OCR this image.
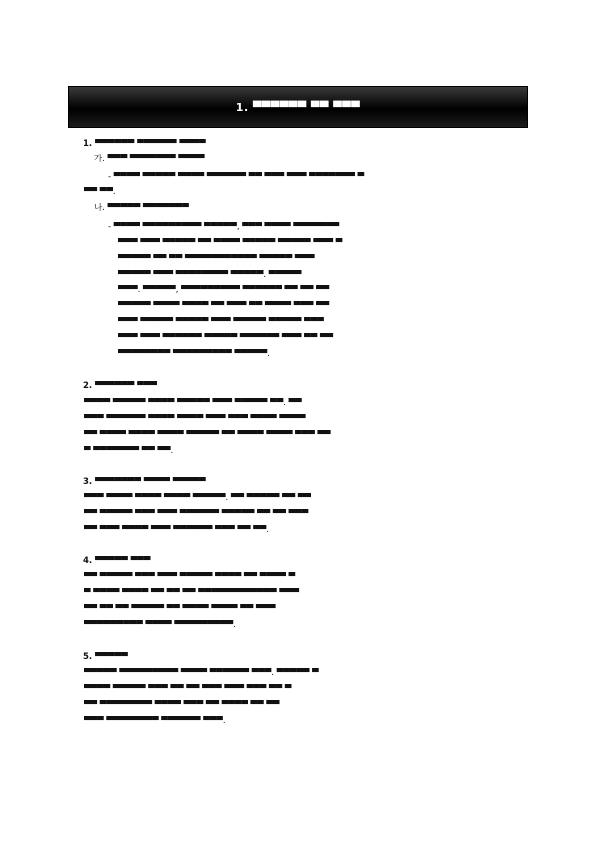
1. ▀▀▀▀▀▀ ▀▀ ▀▀▀
1. ▀▀▀▀▀▀ ▀▀▀▀▀▀ ▀▀▀▀
가. ▀▀▀ ▀▀▀▀▀▀▀ ▀▀▀▀
- ▀▀▀▀ ▀▀▀▀▀ ▀▀▀▀ ▀▀▀▀▀▀ ▀▀ ▀▀▀ ▀▀▀ ▀▀▀▀▀▀▀ ▀
▀▀ ▀▀.
나. ▀▀▀▀▀ ▀▀▀▀▀▀▀
- ▀▀▀▀ ▀▀▀▀▀▀▀▀▀ ▀▀▀▀▀, ▀▀▀ ▀▀▀▀ ▀▀▀▀▀▀▀
▀▀▀ ▀▀▀ ▀▀▀▀▀ ▀▀ ▀▀▀▀ ▀▀▀▀▀ ▀▀▀▀▀ ▀▀▀ ▀
▀▀▀▀▀ ▀▀ ▀▀ ▀▀▀▀▀▀▀▀▀▀▀ ▀▀▀▀▀ ▀▀▀
▀▀▀▀▀ ▀▀▀ ▀▀▀▀▀▀▀▀ ▀▀▀▀▀. ▀▀▀▀▀
▀▀▀. ▀▀▀▀▀, ▀▀▀▀▀▀▀▀▀ ▀▀▀▀▀▀ ▀▀ ▀▀ ▀▀
▀▀▀▀▀ ▀▀▀▀ ▀▀▀▀ ▀▀ ▀▀▀ ▀▀ ▀▀▀▀ ▀▀▀ ▀▀
▀▀▀ ▀▀▀▀▀ ▀▀▀▀▀ ▀▀▀ ▀▀▀▀▀ ▀▀▀▀▀ ▀▀▀
▀▀▀ ▀▀▀ ▀▀▀▀▀▀ ▀▀▀▀▀ ▀▀▀▀▀▀ ▀▀▀ ▀▀ ▀▀
▀▀▀▀▀▀▀▀ ▀▀▀▀▀▀▀▀▀ ▀▀▀▀▀.
2. ▀▀▀▀▀▀ ▀▀▀
▀▀▀▀ ▀▀▀▀▀ ▀▀▀▀ ▀▀▀▀▀ ▀▀▀ ▀▀▀▀▀ ▀▀. ▀▀
▀▀▀ ▀▀▀▀▀▀ ▀▀▀▀ ▀▀▀▀ ▀▀▀ ▀▀▀ ▀▀▀▀ ▀▀▀▀
▀▀ ▀▀▀▀ ▀▀▀▀ ▀▀▀▀ ▀▀▀▀▀ ▀▀ ▀▀▀▀ ▀▀▀▀ ▀▀▀ ▀▀
▀ ▀▀▀▀▀▀▀ ▀▀ ▀▀.
3. ▀▀▀▀▀▀▀ ▀▀▀▀ ▀▀▀▀▀
▀▀▀ ▀▀▀▀ ▀▀▀▀ ▀▀▀▀ ▀▀▀▀▀. ▀▀ ▀▀▀▀▀ ▀▀ ▀▀
▀▀ ▀▀▀▀▀ ▀▀▀ ▀▀▀ ▀▀▀▀▀▀ ▀▀▀▀▀ ▀▀ ▀▀ ▀▀▀
▀▀ ▀▀▀ ▀▀▀▀ ▀▀▀ ▀▀▀▀▀▀ ▀▀▀ ▀▀ ▀▀.
4. ▀▀▀▀▀ ▀▀▀
▀▀ ▀▀▀▀▀ ▀▀▀ ▀▀▀ ▀▀▀▀▀ ▀▀▀▀ ▀▀ ▀▀▀▀ ▀
▀ ▀▀▀▀ ▀▀▀▀ ▀▀ ▀▀ ▀▀ ▀▀▀▀▀▀▀▀▀▀▀▀ ▀▀▀
▀▀ ▀▀ ▀▀ ▀▀▀▀▀ ▀▀ ▀▀▀▀ ▀▀▀▀ ▀▀ ▀▀▀
▀▀▀▀▀▀▀▀▀ ▀▀▀▀ ▀▀▀▀▀▀▀▀▀.
5. ▀▀▀▀▀
▀▀▀▀▀ ▀▀▀▀▀▀▀▀▀ ▀▀▀▀ ▀▀▀▀▀▀ ▀▀▀. ▀▀▀▀▀ ▀
▀▀▀▀ ▀▀▀▀▀ ▀▀▀ ▀▀ ▀▀ ▀▀▀ ▀▀▀ ▀▀▀ ▀▀ ▀
▀▀ ▀▀▀▀▀▀▀▀ ▀▀▀▀ ▀▀▀ ▀▀ ▀▀▀▀ ▀▀ ▀▀
▀▀▀ ▀▀▀▀▀▀▀▀ ▀▀▀▀▀▀ ▀▀▀.
